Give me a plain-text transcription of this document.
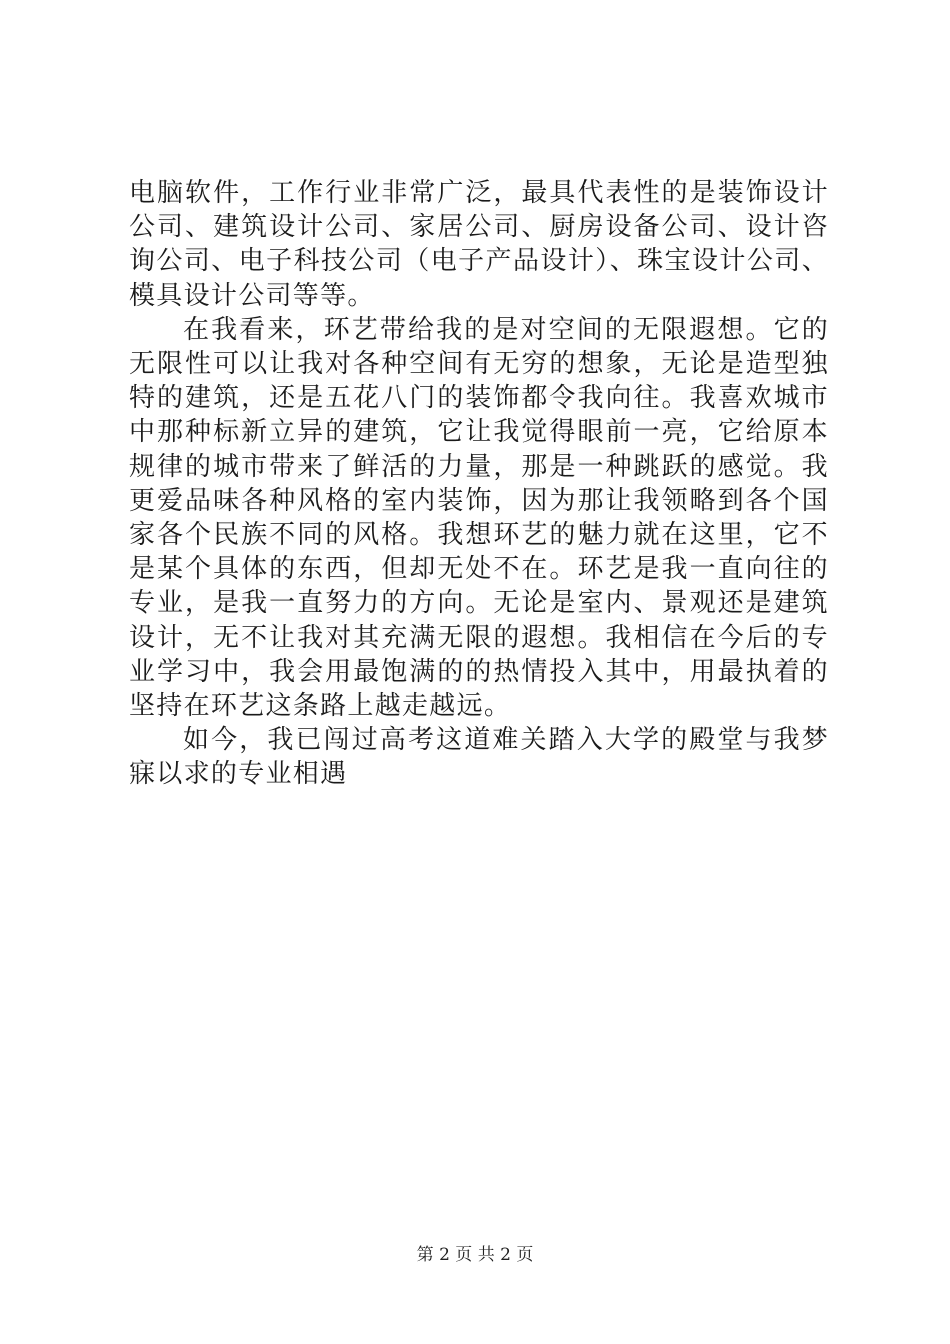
电脑软件，工作行业非常广泛，最具代表性的是装饰设计公司、建筑设计公司、家居公司、厨房设备公司、设计咨询公司、电子科技公司（电子产品设计）、珠宝设计公司、模具设计公司等等。

在我看来，环艺带给我的是对空间的无限遐想。它的无限性可以让我对各种空间有无穷的想象，无论是造型独特的建筑，还是五花八门的装饰都令我向往。我喜欢城市中那种标新立异的建筑，它让我觉得眼前一亮，它给原本规律的城市带来了鲜活的力量，那是一种跳跃的感觉。我更爱品味各种风格的室内装饰，因为那让我领略到各个国家各个民族不同的风格。我想环艺的魅力就在这里，它不是某个具体的东西，但却无处不在。环艺是我一直向往的专业，是我一直努力的方向。无论是室内、景观还是建筑设计，无不让我对其充满无限的遐想。我相信在今后的专业学习中，我会用最饱满的的热情投入其中，用最执着的坚持在环艺这条路上越走越远。

如今，我已闯过高考这道难关踏入大学的殿堂与我梦寐以求的专业相遇

第 2 页 共 2 页
